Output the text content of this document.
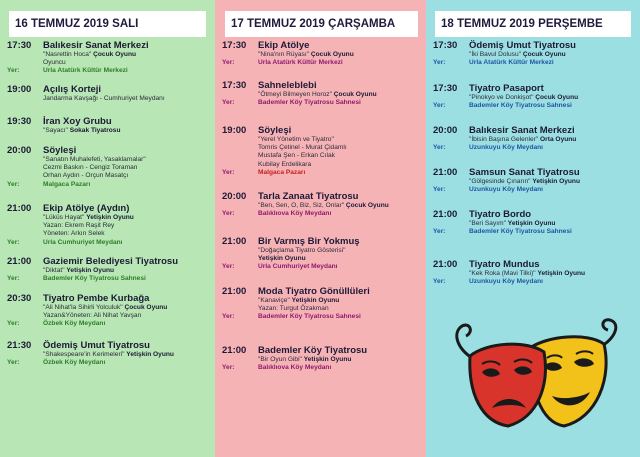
16 TEMMUZ 2019 SALI
17:30	Balıkesir Sanat Merkezi
"Nasrettin Hoca" Çocuk Oyunu
Oyuncu
Yer:	Urla Atatürk Kültür Merkezi
19:00	Açılış Korteji
Jandarma Kavşağı - Cumhuriyet Meydanı
19:30	İran Xoy Grubu
"Sayacı" Sokak Tiyatrosu
20:00	Söyleşi
"Sanatın Muhalefeti, Yasaklamalar"
Cezmi Baskın - Cengiz Toraman
Orhan Aydın - Orçun Masatçı
Yer:	Malgaca Pazarı
21:00	Ekip Atölye (Aydın)
"Lüküs Hayat" Yetişkin Oyunu
Yazan: Ekrem Raşit Rey
Yöneten: Arkın Selek
Yer:	Urla Cumhuriyet Meydanı
21:00	Gaziemir Belediyesi Tiyatrosu
"Diktat" Yetişkin Oyunu
Yer:	Bademler Köy Tiyatrosu Sahnesi
20:30	Tiyatro Pembe Kurbağa
"Ali Nihat'la Sihirli Yolculuk" Çocuk Oyunu
Yazan&Yöneten: Ali Nihat Yavşan
Yer:	Özbek Köy Meydanı
21:30	Ödemiş Umut Tiyatrosu
"Shakespeare'in Kerimeleri" Yetişkin Oyunu
Yer:	Özbek Köy Meydanı
17 TEMMUZ 2019 ÇARŞAMBA
17:30	Ekip Atölye
"Nina'nın Rüyası" Çocuk Oyunu
Yer:	Urla Atatürk Kültür Merkezi
17:30	Sahneleblebi
"Ötmeyi Bilmeyen Horoz" Çocuk Oyunu
Yer:	Bademler Köy Tiyatrosu Sahnesi
19:00	Söyleşi
"Yerel Yönetim ve Tiyatro"
Tomris Çetinel - Murat Çidamlı
Mustafa Şen - Erkan Cılak
Kubilay Erdelikara
Yer:	Malgaca Pazarı
20:00	Tarla Zanaat Tiyatrosu
"Ben, Sen, O, Biz, Siz, Onlar" Çocuk Oyunu
Yer:	Balıklıova Köy Meydanı
21:00	Bir Varmış Bir Yokmuş
"Doğaçlama Tiyatro Gösterisi"
Yetişkin Oyunu
Yer:	Urla Cumhuriyet Meydanı
21:00	Moda Tiyatro Gönüllüleri
"Kanaviçe" Yetişkin Oyunu
Yazan: Turgut Özakman
Yer:	Bademler Köy Tiyatrosu Sahnesi
21:00	Bademler Köy Tiyatrosu
"Bir Oyun Gibi" Yetişkin Oyunu
Yer:	Balıklıova Köy Meydanı
18 TEMMUZ 2019 PERŞEMBE
17:30	Ödemiş Umut Tiyatrosu
"İki Bavul Dolusu" Çocuk Oyunu
Yer:	Urla Atatürk Kültür Merkezi
17:30	Tiyatro Pasaport
"Pinokyo ve Donkişot" Çocuk Oyunu
Yer:	Bademler Köy Tiyatrosu Sahnesi
20:00	Balıkesir Sanat Merkezi
"İbisin Başına Gelenler" Orta Oyunu
Yer:	Uzunkuyu Köy Meydanı
21:00	Samsun Sanat Tiyatrosu
"Gölgesinde Çınarın" Yetişkin Oyunu
Yer:	Uzunkuyu Köy Meydanı
21:00	Tiyatro Bordo
"Beri Sayım" Yetişkin Oyunu
Yer:	Bademler Köy Tiyatrosu Sahnesi
21:00	Tiyatro Mundus
"Kek Roka (Mavi Tilki)" Yetişkin Oyunu
Yer:	Uzunkuyu Köy Meydanı
